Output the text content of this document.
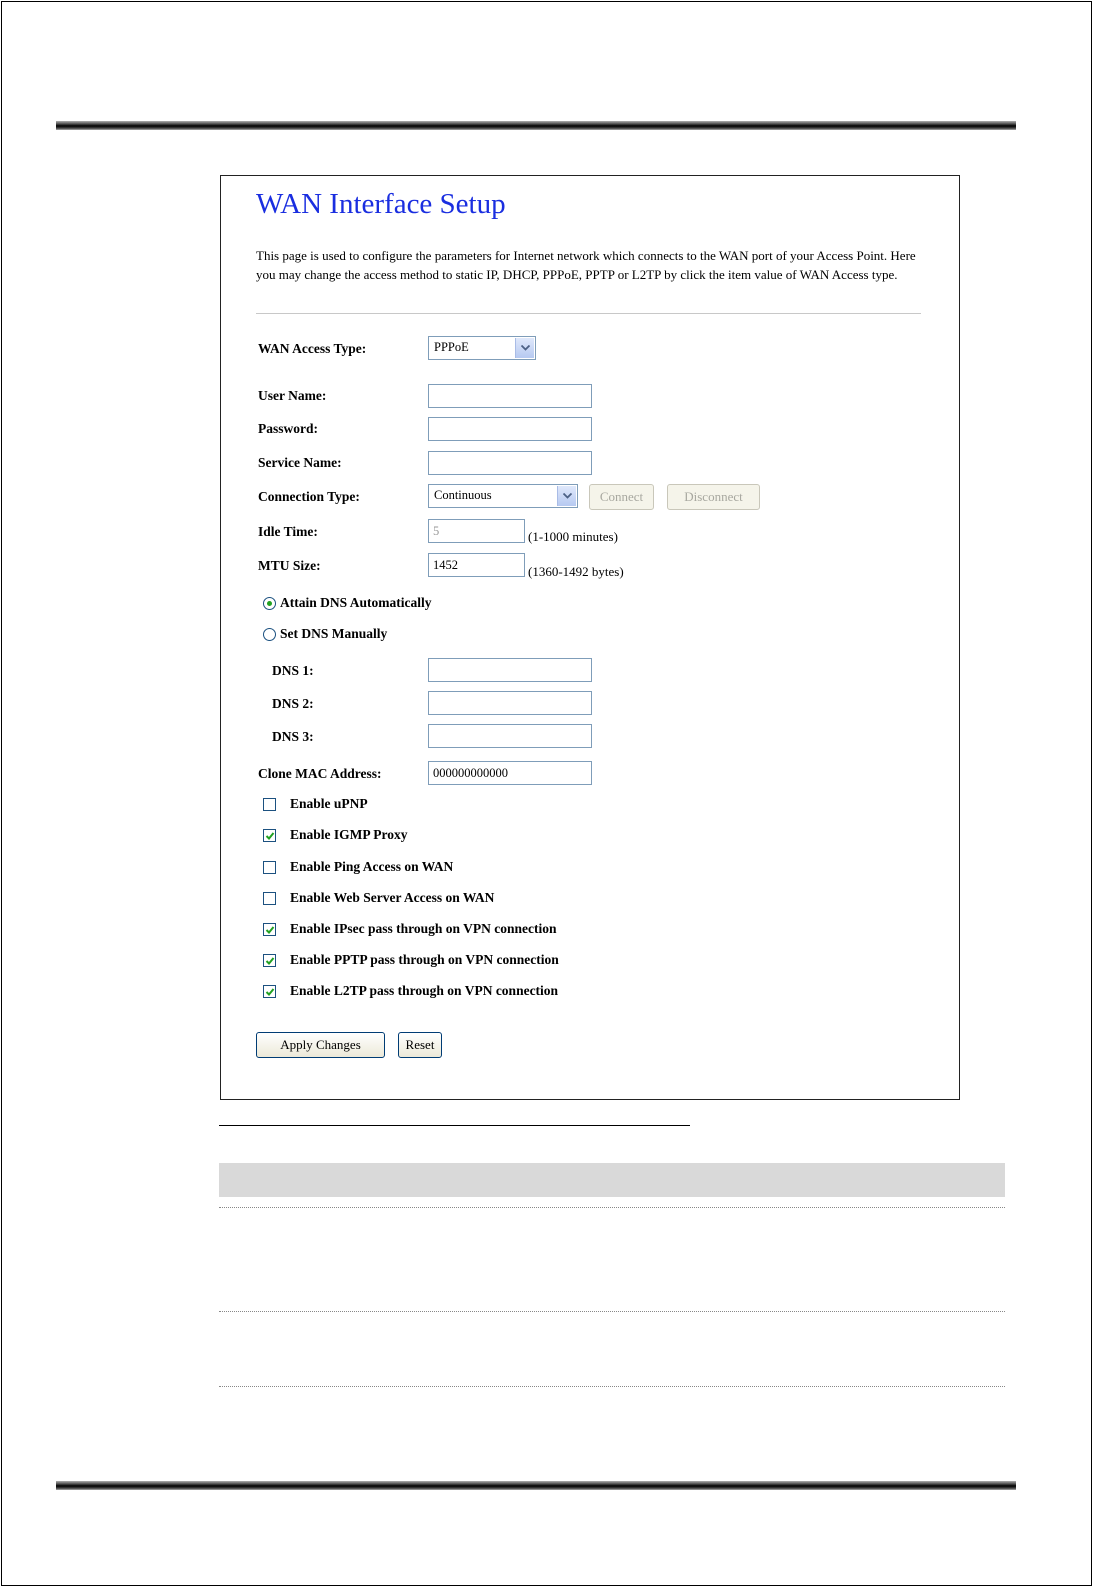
WAN Interface Setup

This page is used to configure the parameters for Internet network which connects to the WAN port of your Access Point. Here you may change the access method to static IP, DHCP, PPPoE, PPTP or L2TP by click the item value of WAN Access type.

WAN Access Type:	PPPoE
User Name:
Password:
Service Name:
Connection Type:	Continuous	Connect	Disconnect
Idle Time:
5	(1-1000 minutes)
MTU Size:
1452	(1360-1492 bytes)
Attain DNS Automatically
Set DNS Manually
DNS 1:
DNS 2:
DNS 3:
Clone MAC Address:
000000000000
Enable uPNP
Enable IGMP Proxy
Enable Ping Access on WAN
Enable Web Server Access on WAN
Enable IPsec pass through on VPN connection
Enable PPTP pass through on VPN connection
Enable L2TP pass through on VPN connection
Apply Changes	Reset
